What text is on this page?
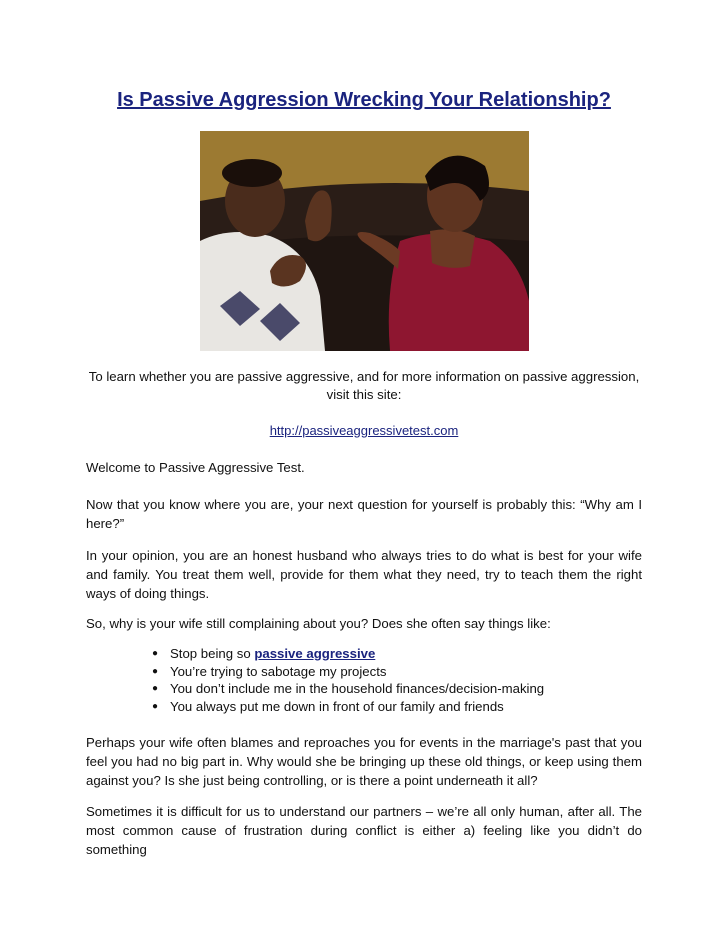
Is Passive Aggression Wrecking Your Relationship?

To learn whether you are passive aggressive, and for more information on passive aggression, visit this site:

http://passiveaggressivetest.com

Welcome to Passive Aggressive Test.

Now that you know where you are, your next question for yourself is probably this: “Why am I here?”

In your opinion, you are an honest husband who always tries to do what is best for your wife and family. You treat them well, provide for them what they need, try to teach them the right ways of doing things.

So, why is your wife still complaining about you? Does she often say things like:

● Stop being so passive aggressive
● You’re trying to sabotage my projects
● You don’t include me in the household finances/decision-making
● You always put me down in front of our family and friends

Perhaps your wife often blames and reproaches you for events in the marriage's past that you feel you had no big part in. Why would she be bringing up these old things, or keep using them against you? Is she just being controlling, or is there a point underneath it all?

Sometimes it is difficult for us to understand our partners – we’re all only human, after all. The most common cause of frustration during conflict is either a) feeling like you didn’t do something
